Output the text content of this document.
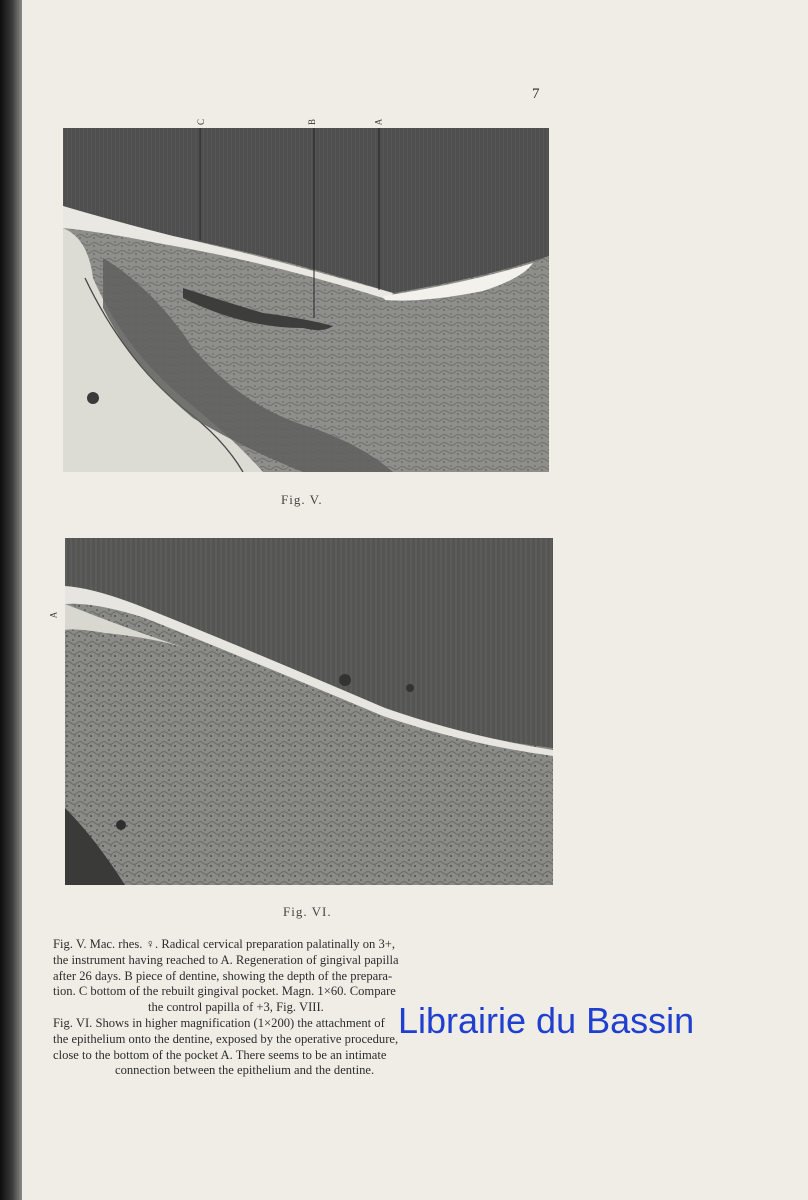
7
C	B	A
Fig. V.
A
Fig. VI.

Fig. V. Mac. rhes. ♀. Radical cervical preparation palatinally on 3+,

the instrument having reached to A. Regeneration of gingival papilla

after 26 days. B piece of dentine, showing the depth of the prepara-

tion. C bottom of the rebuilt gingival pocket. Magn. 1×60. Compare

the control papilla of +3, Fig. VIII.

Fig. VI. Shows in higher magnification (1×200) the attachment of

the epithelium onto the dentine, exposed by the operative procedure,

close to the bottom of the pocket A. There seems to be an intimate

connection between the epithelium and the dentine.

Librairie du Bassin
